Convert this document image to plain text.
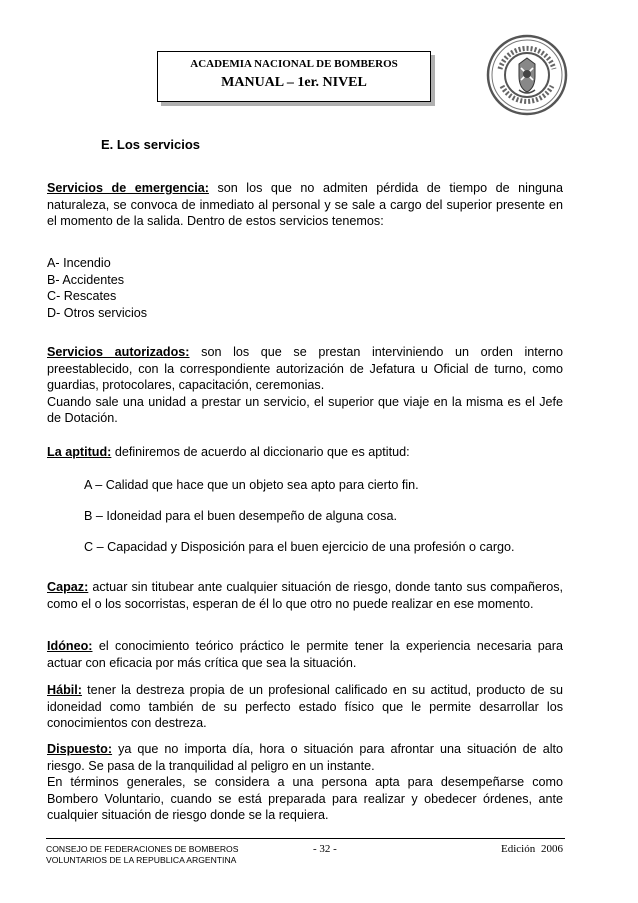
ACADEMIA NACIONAL DE BOMBEROS
MANUAL – 1er. NIVEL
E. Los servicios
Servicios de emergencia: son los que no admiten pérdida de tiempo de ninguna naturaleza, se convoca de inmediato al personal y se sale a cargo del superior presente en el momento de la salida. Dentro de estos servicios tenemos:
A- Incendio
B- Accidentes
C- Rescates
D- Otros servicios
Servicios autorizados: son los que se prestan interviniendo un orden interno preestablecido, con la correspondiente autorización de Jefatura u Oficial de turno, como guardias, protocolares, capacitación, ceremonias.
Cuando sale una unidad a prestar un servicio, el superior que viaje en la misma es el Jefe de Dotación.
La aptitud: definiremos de acuerdo al diccionario que es aptitud:
A – Calidad que hace que un objeto sea apto para cierto fin.
B – Idoneidad para el buen desempeño de alguna cosa.
C – Capacidad y Disposición para el buen ejercicio de una profesión o cargo.
Capaz: actuar sin titubear ante cualquier situación de riesgo, donde tanto sus compañeros, como el o los socorristas, esperan de él lo que otro no puede realizar en ese momento.
Idóneo: el conocimiento teórico práctico le permite tener la experiencia necesaria para actuar con eficacia por más crítica que sea la situación.
Hábil: tener la destreza propia de un profesional calificado en su actitud, producto de su idoneidad como también de su perfecto estado físico que le permite desarrollar los conocimientos con destreza.
Dispuesto: ya que no importa día, hora o situación para afrontar una situación de alto riesgo. Se pasa de la tranquilidad al peligro en un instante.
En términos generales, se considera a una persona apta para desempeñarse como Bombero Voluntario, cuando se está preparada para realizar y obedecer órdenes, ante cualquier situación de riesgo donde se la requiera.
CONSEJO DE FEDERACIONES DE BOMBEROS
VOLUNTARIOS DE LA REPUBLICA ARGENTINA
- 32 -	Edición 2006
